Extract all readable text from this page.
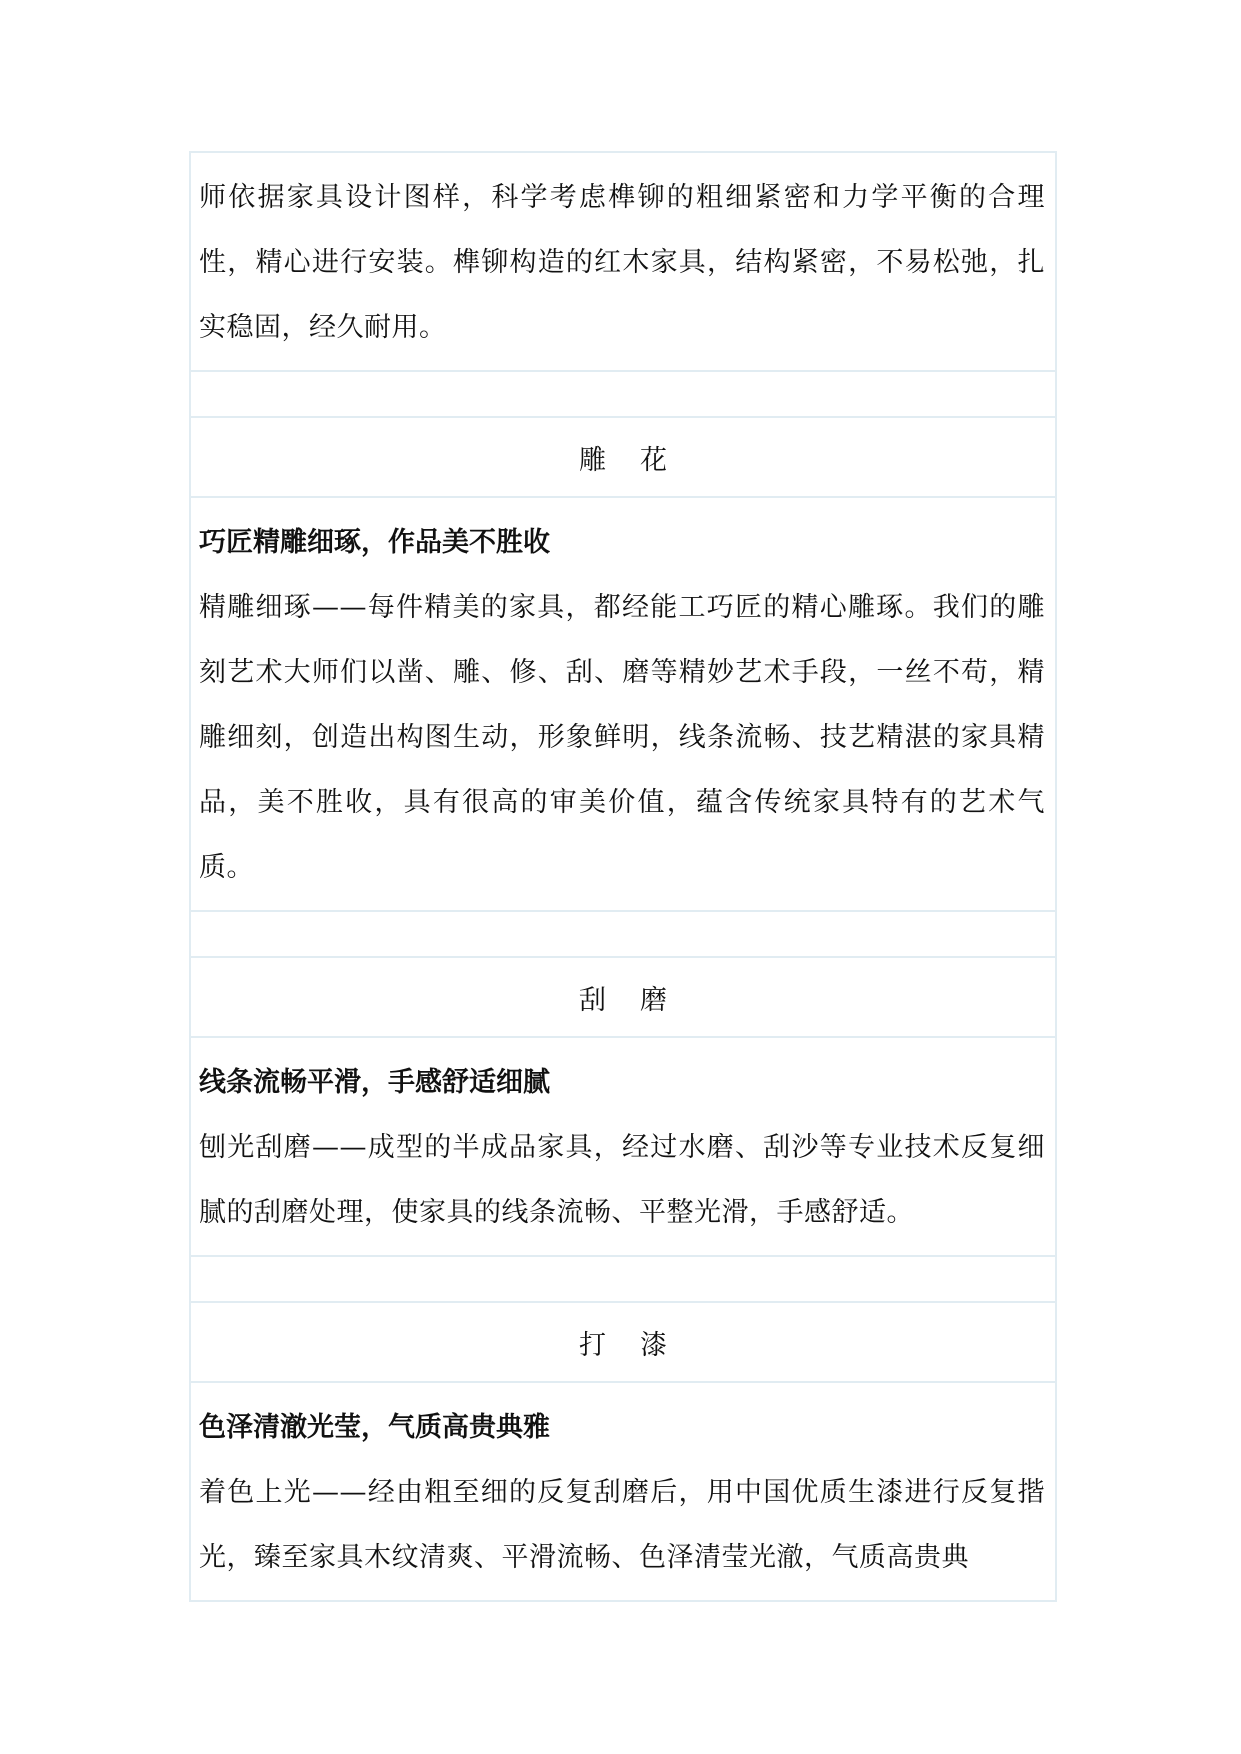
师依据家具设计图样，科学考虑榫铆的粗细紧密和力学平衡的合理性，精心进行安装。榫铆构造的红木家具，结构紧密，不易松弛，扎实稳固，经久耐用。

雕 花

巧匠精雕细琢，作品美不胜收

精雕细琢——每件精美的家具，都经能工巧匠的精心雕琢。我们的雕刻艺术大师们以凿、雕、修、刮、磨等精妙艺术手段，一丝不苟，精雕细刻，创造出构图生动，形象鲜明，线条流畅、技艺精湛的家具精品，美不胜收，具有很高的审美价值，蕴含传统家具特有的艺术气质。

刮 磨

线条流畅平滑，手感舒适细腻

刨光刮磨——成型的半成品家具，经过水磨、刮沙等专业技术反复细腻的刮磨处理，使家具的线条流畅、平整光滑，手感舒适。

打 漆

色泽清澈光莹，气质高贵典雅

着色上光——经由粗至细的反复刮磨后，用中国优质生漆进行反复揩光，臻至家具木纹清爽、平滑流畅、色泽清莹光澈，气质高贵典
